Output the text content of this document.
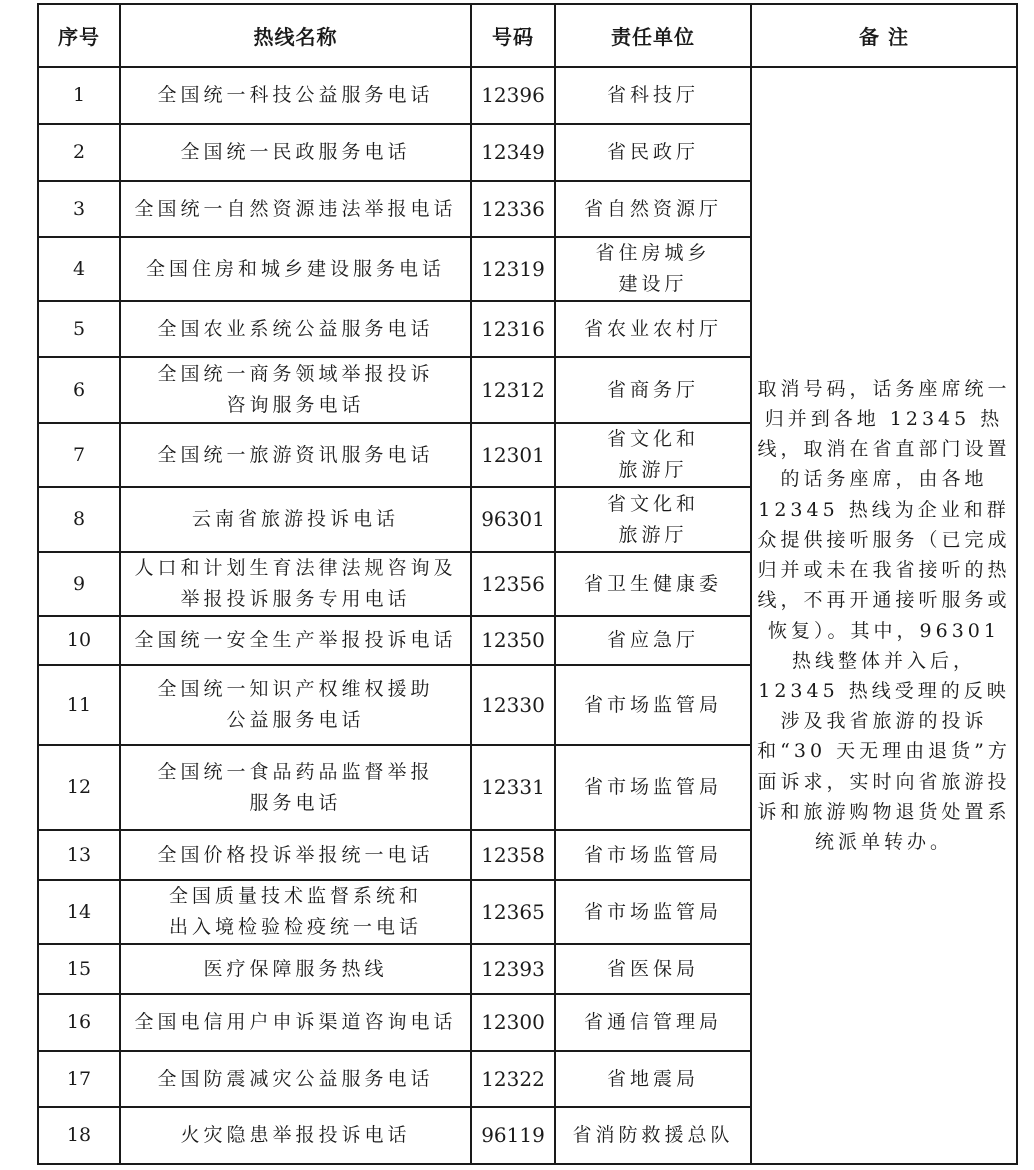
序号	热线名称	号码	责任单位	备 注
1	全国统一科技公益服务电话	12396	省科技厅	取消号码，话务座席统一归并到各地 12345 热线，取消在省直部门设置的话务座席，由各地 12345 热线为企业和群众提供接听服务（已完成归并或未在我省接听的热线，不再开通接听服务或恢复）。其中，96301 热线整体并入后，12345 热线受理的反映涉及我省旅游的投诉和“30 天无理由退货”方面诉求，实时向省旅游投诉和旅游购物退货处置系统派单转办。
2	全国统一民政服务电话	12349	省民政厅	

3	全国统一自然资源违法举报电话	12336	省自然资源厅	

4	全国住房和城乡建设服务电话	12319	省住房城乡
建设厅	

5	全国农业系统公益服务电话	12316	省农业农村厅	

6	全国统一商务领域举报投诉
咨询服务电话	12312	省商务厅	

7	全国统一旅游资讯服务电话	12301	省文化和
旅游厅	

8	云南省旅游投诉电话	96301	省文化和
旅游厅	

9	人口和计划生育法律法规咨询及
举报投诉服务专用电话	12356	省卫生健康委	

10	全国统一安全生产举报投诉电话	12350	省应急厅	

11	全国统一知识产权维权援助
公益服务电话	12330	省市场监管局	

12	全国统一食品药品监督举报
服务电话	12331	省市场监管局	

13	全国价格投诉举报统一电话	12358	省市场监管局	

14	全国质量技术监督系统和
出入境检验检疫统一电话	12365	省市场监管局	

15	医疗保障服务热线	12393	省医保局	

16	全国电信用户申诉渠道咨询电话	12300	省通信管理局	

17	全国防震减灾公益服务电话	12322	省地震局	

18	火灾隐患举报投诉电话	96119	省消防救援总队	
